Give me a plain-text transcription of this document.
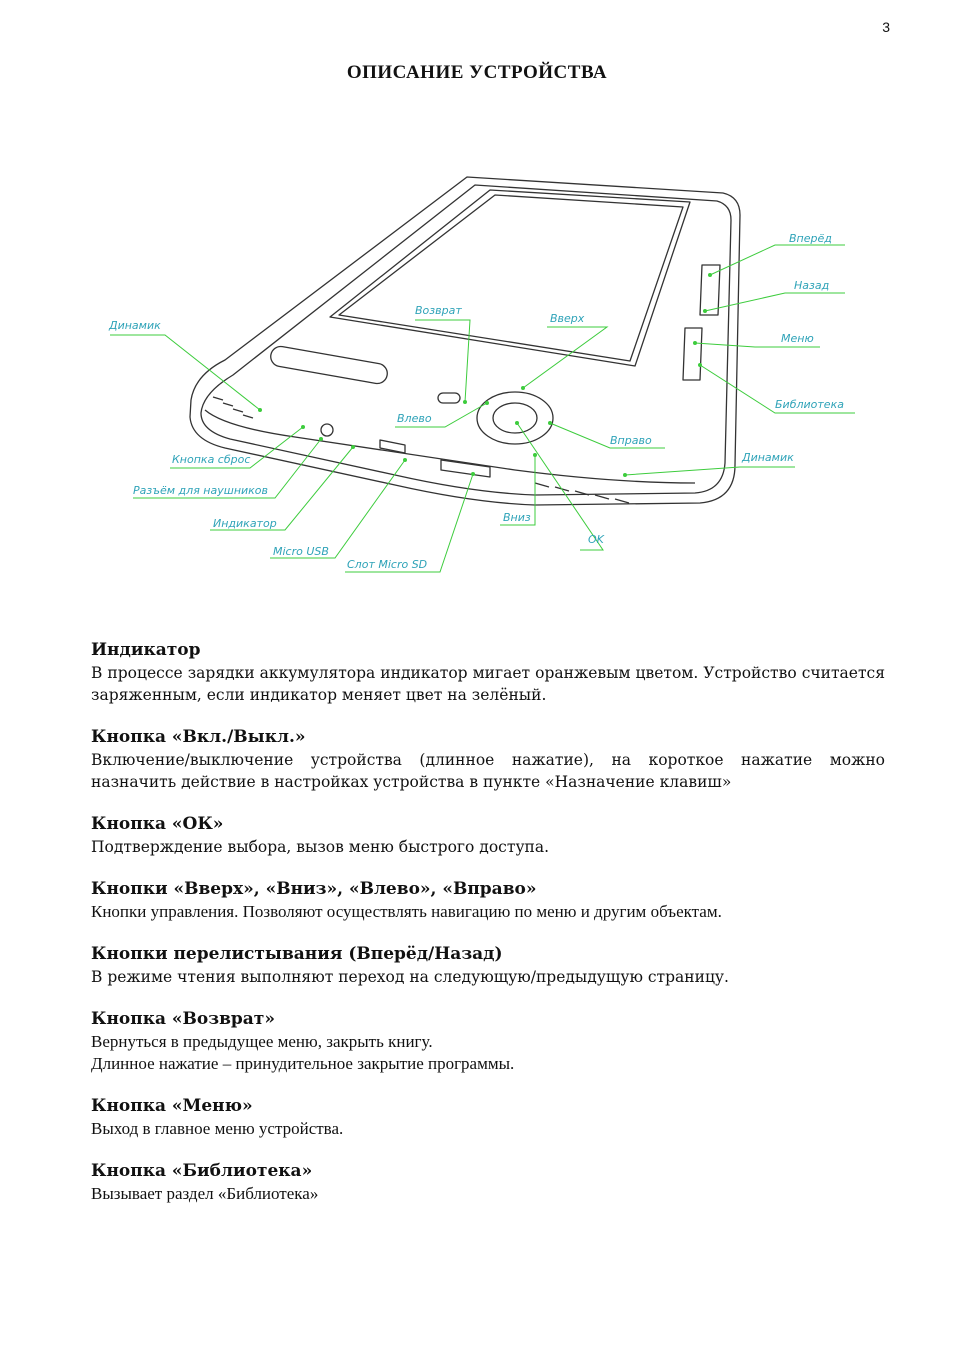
3
ОПИСАНИЕ УСТРОЙСТВА
Вперёд
Назад
Меню
Библиотека
Динамик
Возврат
Вверх
Влево
Вправо
Динамик
Кнопка сброс
Разъём для наушников
Индикатор
Micro USB
Слот Micro SD
Вниз
OK

Индикатор

В процессе зарядки аккумулятора индикатор мигает оранжевым цветом. Устройство считается заряженным, если индикатор меняет цвет на зелёный.

Кнопка «Вкл./Выкл.»

Включение/выключение устройства (длинное нажатие), на короткое нажатие можно назначить действие в настройках устройства в пункте «Назначение клавиш»

Кнопка «ОК»

Подтверждение выбора, вызов меню быстрого доступа.

Кнопки «Вверх», «Вниз», «Влево», «Вправо»

Кнопки управления. Позволяют осуществлять навигацию по меню и другим объектам.

Кнопки перелистывания (Вперёд/Назад)

В режиме чтения выполняют переход на следующую/предыдущую страницу.

Кнопка «Возврат»

Вернуться в предыдущее меню, закрыть книгу.

Длинное нажатие – принудительное закрытие программы.

Кнопка «Меню»

Выход в главное меню устройства.

Кнопка «Библиотека»

Вызывает раздел «Библиотека»
